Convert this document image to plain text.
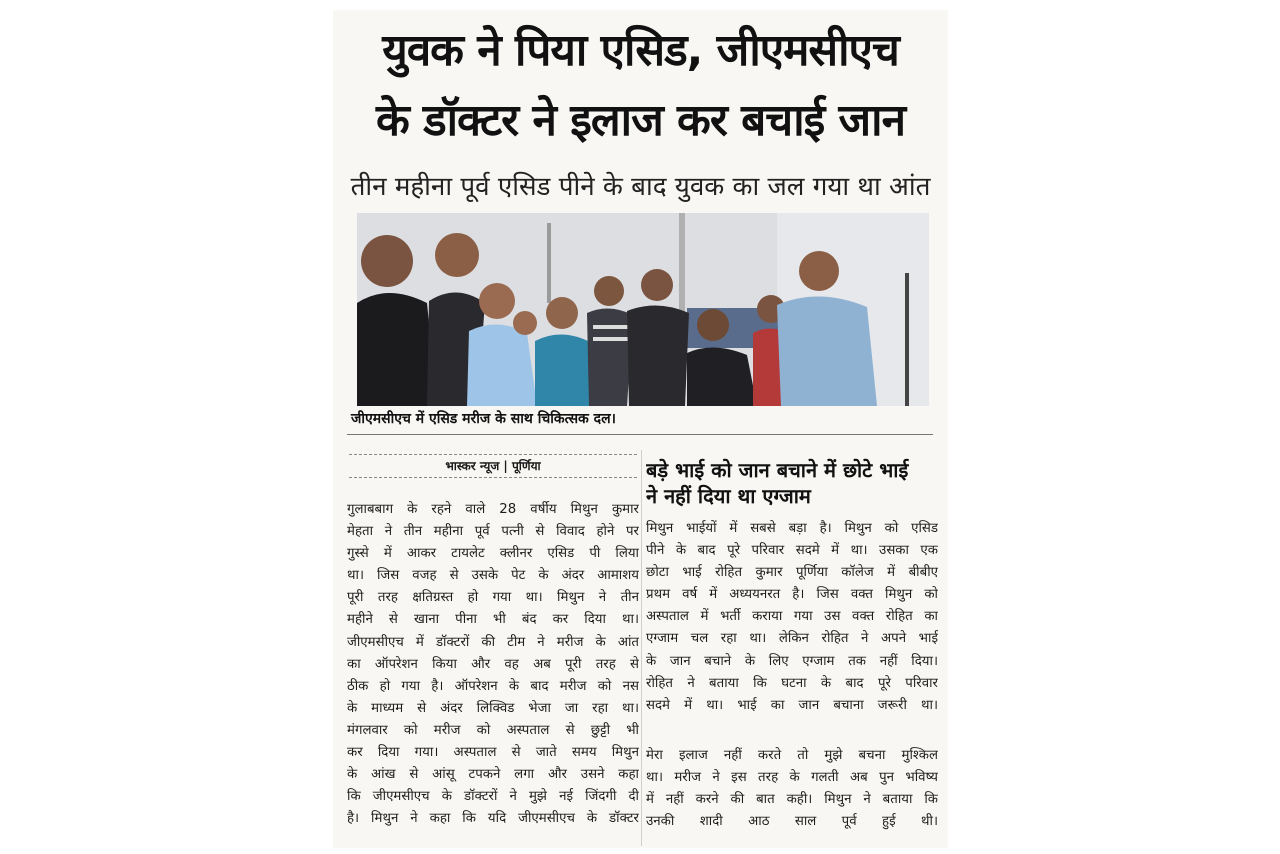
युवक ने पिया एसिड, जीएमसीएच
के डॉक्टर ने इलाज कर बचाई जान
तीन महीना पूर्व एसिड पीने के बाद युवक का जल गया था आंत
जीएमसीएच में एसिड मरीज के साथ चिकित्सक दल।
भास्कर न्यूज | पूर्णिया
गुलाबबाग के रहने वाले 28 वर्षीय मिथुन कुमार
मेहता ने तीन महीना पूर्व पत्नी से विवाद होने पर
गुस्से में आकर टायलेट क्लीनर एसिड पी लिया
था। जिस वजह से उसके पेट के अंदर आमाशय
पूरी तरह क्षतिग्रस्त हो गया था। मिथुन ने तीन
महीने से खाना पीना भी बंद कर दिया था।
जीएमसीएच में डॉक्टरों की टीम ने मरीज के आंत
का ऑपरेशन किया और वह अब पूरी तरह से
ठीक हो गया है। ऑपरेशन के बाद मरीज को नस
के माध्यम से अंदर लिक्विड भेजा जा रहा था।
मंगलवार को मरीज को अस्पताल से छुट्टी भी
कर दिया गया। अस्पताल से जाते समय मिथुन
के आंख से आंसू टपकने लगा और उसने कहा
कि जीएमसीएच के डॉक्टरों ने मुझे नई जिंदगी दी
है। मिथुन ने कहा कि यदि जीएमसीएच के डॉक्टर
बड़े भाई को जान बचाने में छोटे भाई
ने नहीं दिया था एग्जाम
मिथुन भाईयों में सबसे बड़ा है। मिथुन को एसिड
पीने के बाद पूरे परिवार सदमे में था। उसका एक
छोटा भाई रोहित कुमार पूर्णिया कॉलेज में बीबीए
प्रथम वर्ष में अध्ययनरत है। जिस वक्त मिथुन को
अस्पताल में भर्ती कराया गया उस वक्त रोहित का
एग्जाम चल रहा था। लेकिन रोहित ने अपने भाई
के जान बचाने के लिए एग्जाम तक नहीं दिया।
रोहित ने बताया कि घटना के बाद पूरे परिवार
सदमे में था। भाई का जान बचाना जरूरी था।
मेरा इलाज नहीं करते तो मुझे बचना मुश्किल
था। मरीज ने इस तरह के गलती अब पुन भविष्य
में नहीं करने की बात कही। मिथुन ने बताया कि
उनकी शादी आठ साल पूर्व हुई थी।
